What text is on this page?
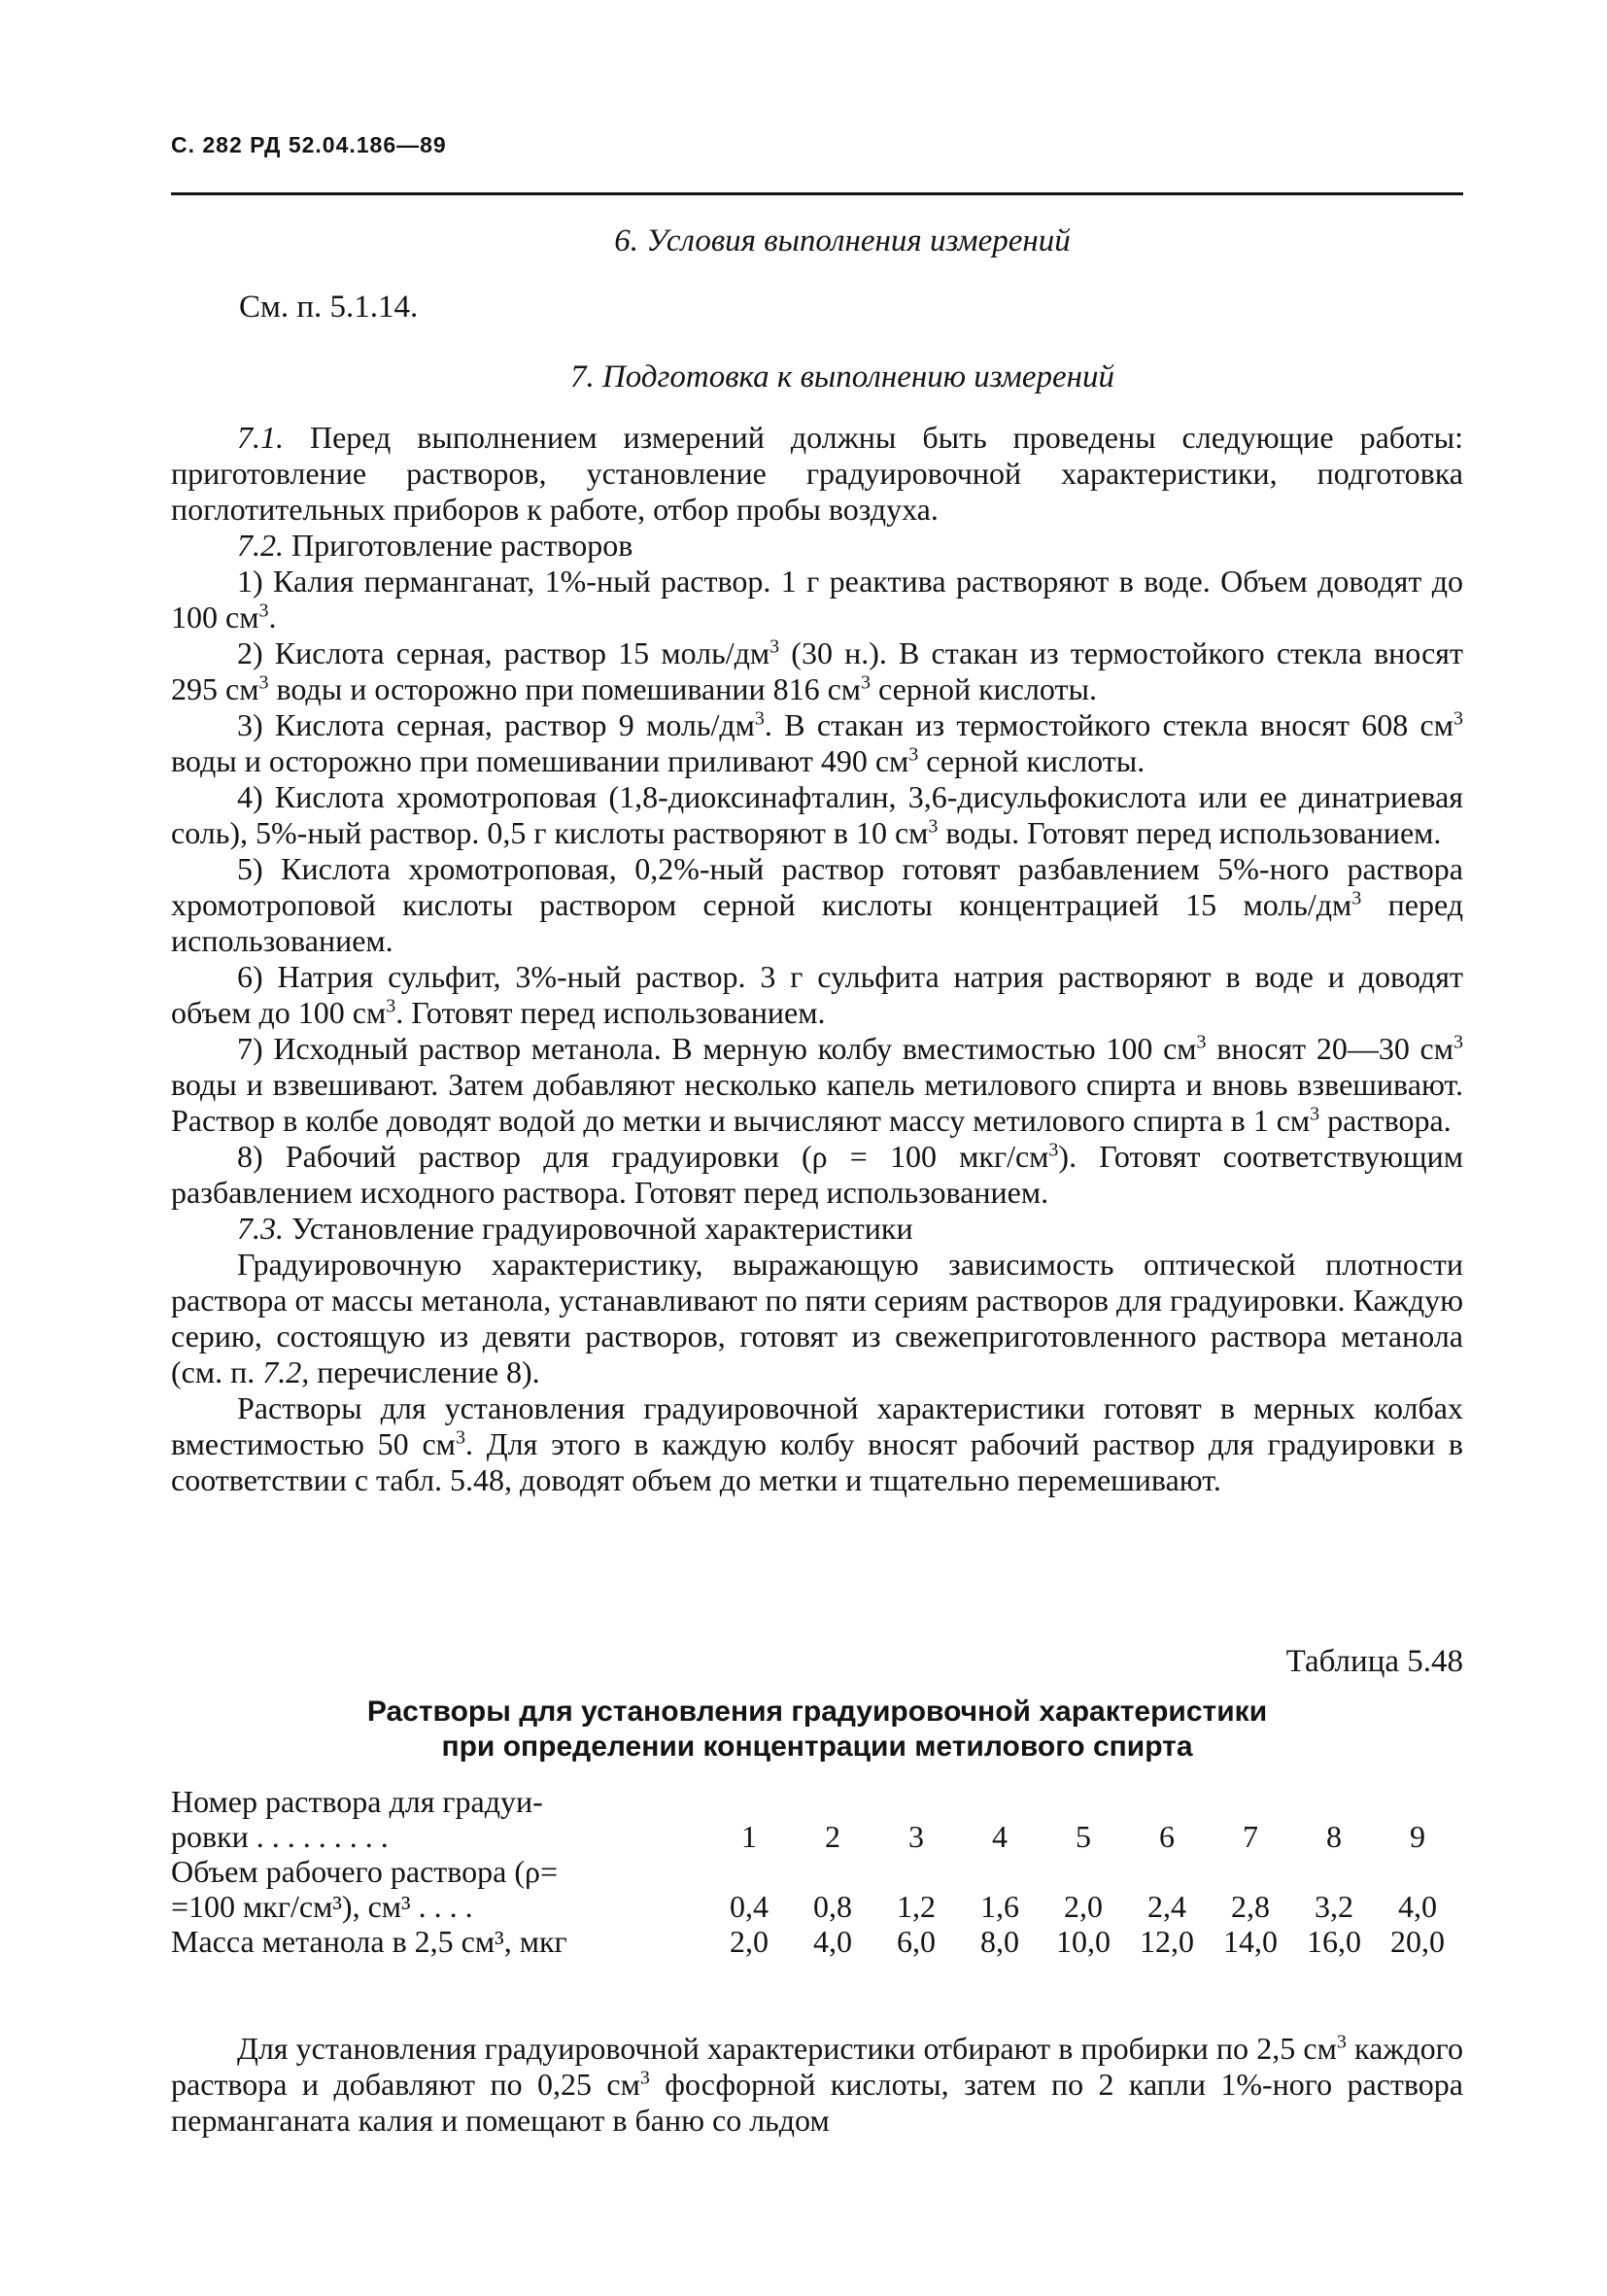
С. 282 РД 52.04.186—89
6. Условия выполнения измерений
См. п. 5.1.14.
7. Подготовка к выполнению измерений

7.1. Перед выполнением измерений должны быть проведены следующие работы: приготовление растворов, установление градуировочной характеристики, подготовка поглотительных приборов к работе, отбор пробы воздуха.

7.2. Приготовление растворов

1) Калия перманганат, 1%-ный раствор. 1 г реактива растворяют в воде. Объем доводят до 100 $см^3$.

2) Кислота серная, раствор 15 моль/$дм^3$ (30 н.). В стакан из термостойкого стекла вносят 295 $см^3$ воды и осторожно при помешивании 816 $см^3$ серной кислоты.

3) Кислота серная, раствор 9 моль/$дм^3$. В стакан из термостойкого стекла вносят 608 $см^3$ воды и осторожно при помешивании приливают 490 $см^3$ серной кислоты.

4) Кислота хромотроповая (1,8-диоксинафталин, 3,6-дисульфокислота или ее динатриевая соль), 5%-ный раствор. 0,5 г кислоты растворяют в 10 $см^3$ воды. Готовят перед использованием.

5) Кислота хромотроповая, 0,2%-ный раствор готовят разбавлением 5%-ного раствора хромотроповой кислоты раствором серной кислоты концентрацией 15 моль/$дм^3$ перед использованием.

6) Натрия сульфит, 3%-ный раствор. 3 г сульфита натрия растворяют в воде и доводят объем до 100 $см^3$. Готовят перед использованием.

7) Исходный раствор метанола. В мерную колбу вместимостью 100 $см^3$ вносят 20—30 $см^3$ воды и взвешивают. Затем добавляют несколько капель метилового спирта и вновь взвешивают. Раствор в колбе доводят водой до метки и вычисляют массу метилового спирта в 1 $см^3$ раствора.

8) Рабочий раствор для градуировки (ρ = 100 мкг/$см^3$). Готовят соответствующим разбавлением исходного раствора. Готовят перед использованием.

7.3. Установление градуировочной характеристики

Градуировочную характеристику, выражающую зависимость оптической плотности раствора от массы метанола, устанавливают по пяти сериям растворов для градуировки. Каждую серию, состоящую из девяти растворов, готовят из свежеприготовленного раствора метанола (см. п. 7.2, перечисление 8).

Растворы для установления градуировочной характеристики готовят в мерных колбах вместимостью 50 $см^3$. Для этого в каждую колбу вносят рабочий раствор для градуировки в соответствии с табл. 5.48, доводят объем до метки и тщательно перемешивают.

Таблица 5.48
Растворы для установления градуировочной характеристики
при определении концентрации метилового спирта
Номер раствора для градуи-
ровки . . . . . . . . .	1	2	3	4	5	6	7	8	9

Объем рабочего раствора (ρ=
=100 мкг/см³), см³ . . . .	0,4	0,8	1,2	1,6	2,0	2,4	2,8	3,2	4,0
Масса метанола в 2,5 см³, мкг	2,0	4,0	6,0	8,0	10,0	12,0	14,0	16,0	20,0

Для установления градуировочной характеристики отбирают в пробирки по 2,5 $см^3$ каждого раствора и добавляют по 0,25 $см^3$ фосфорной кислоты, затем по 2 капли 1%-ного раствора перманганата калия и помещают в баню со льдом
